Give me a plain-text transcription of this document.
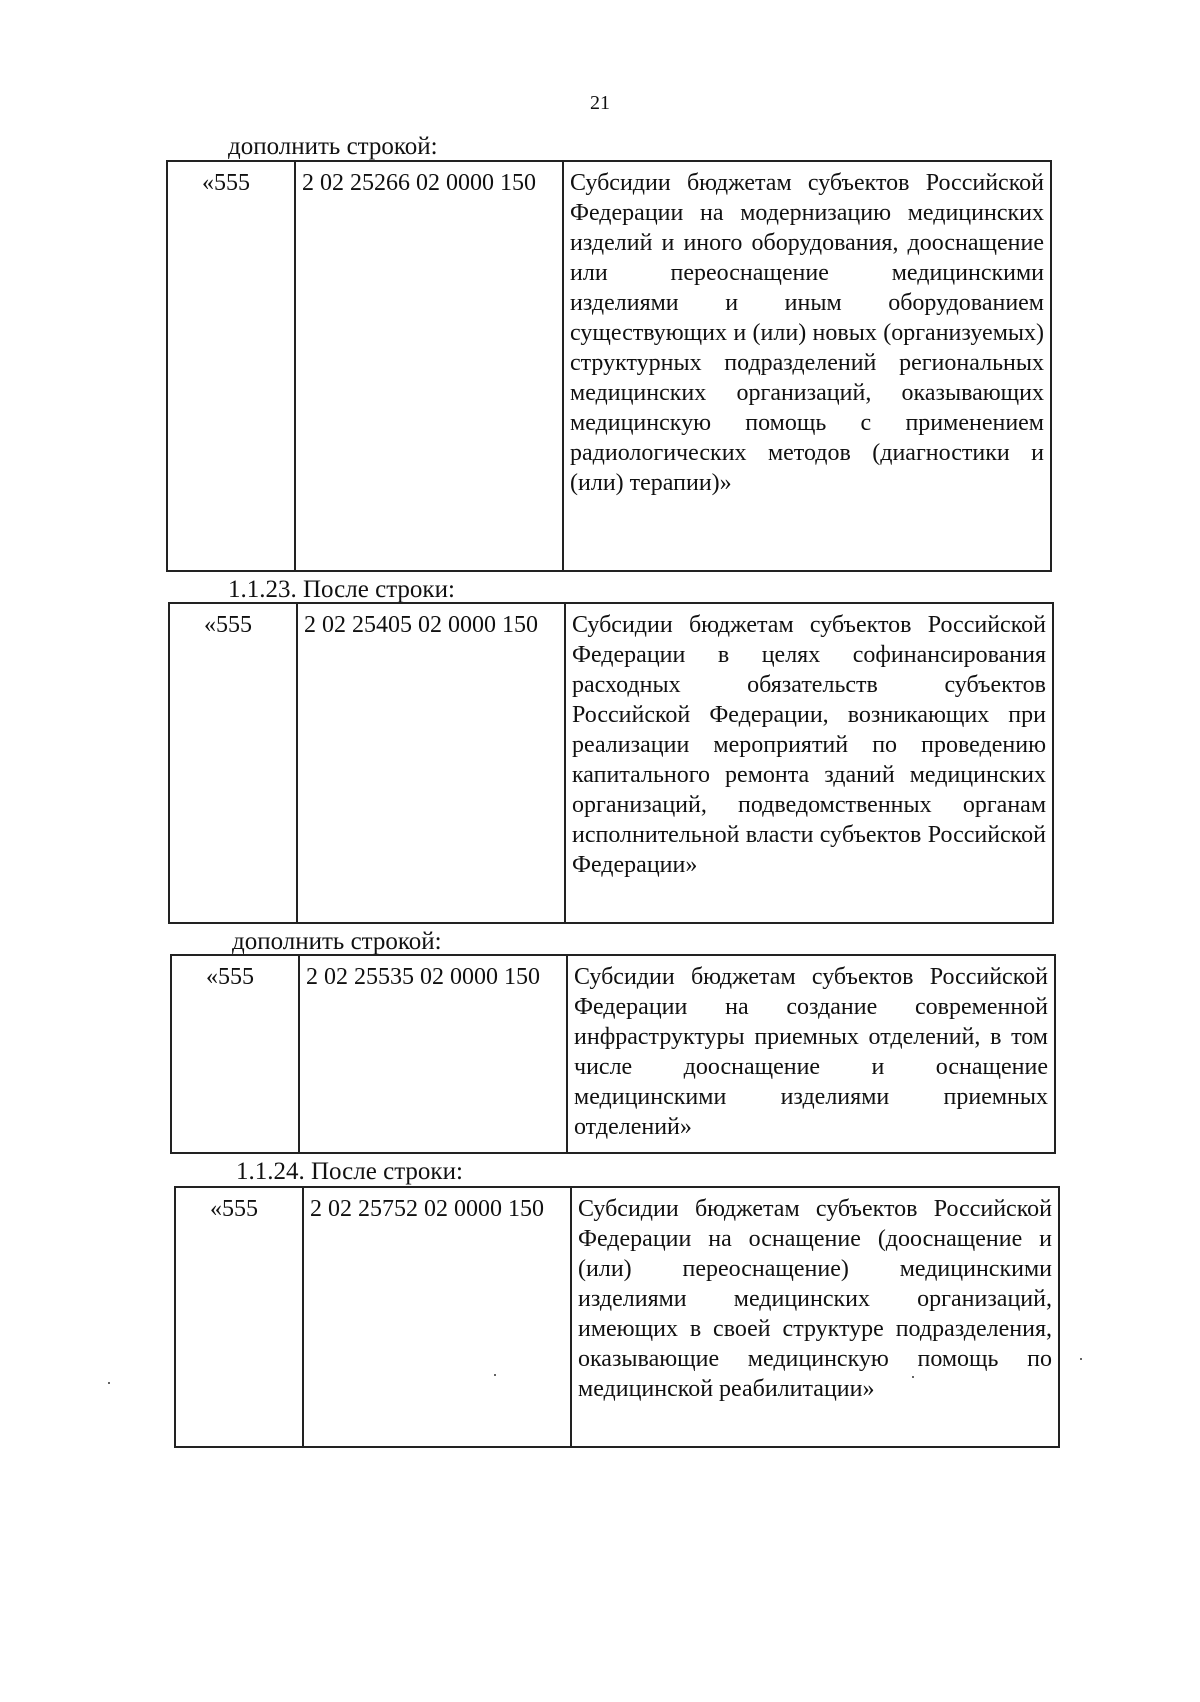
21
дополнить строкой:
«555	2 02 25266 02 0000 150	Субсидии бюджетам субъектов Российской Федерации на модернизацию медицинских изделий и иного оборудования, дооснащение или переоснащение медицинскими изделиями и иным оборудованием существующих и (или) новых (организуемых) структурных подразделений региональных медицинских организаций, оказывающих медицинскую помощь с применением радиологических методов (диагностики и (или) терапии)»
1.1.23. После строки:
«555	2 02 25405 02 0000 150	Субсидии бюджетам субъектов Российской Федерации в целях софинансирования расходных обязательств субъектов Российской Федерации, возникающих при реализации мероприятий по проведению капитального ремонта зданий медицинских организаций, подведомственных органам исполнительной власти субъектов Российской Федерации»
дополнить строкой:
«555	2 02 25535 02 0000 150	Субсидии бюджетам субъектов Российской Федерации на создание современной инфраструктуры приемных отделений, в том числе дооснащение и оснащение медицинскими изделиями приемных отделений»
1.1.24. После строки:
«555	2 02 25752 02 0000 150	Субсидии бюджетам субъектов Российской Федерации на оснащение (дооснащение и (или) переоснащение) медицинскими изделиями медицинских организаций, имеющих в своей структуре подразделения, оказывающие медицинскую помощь по медицинской реабилитации»
